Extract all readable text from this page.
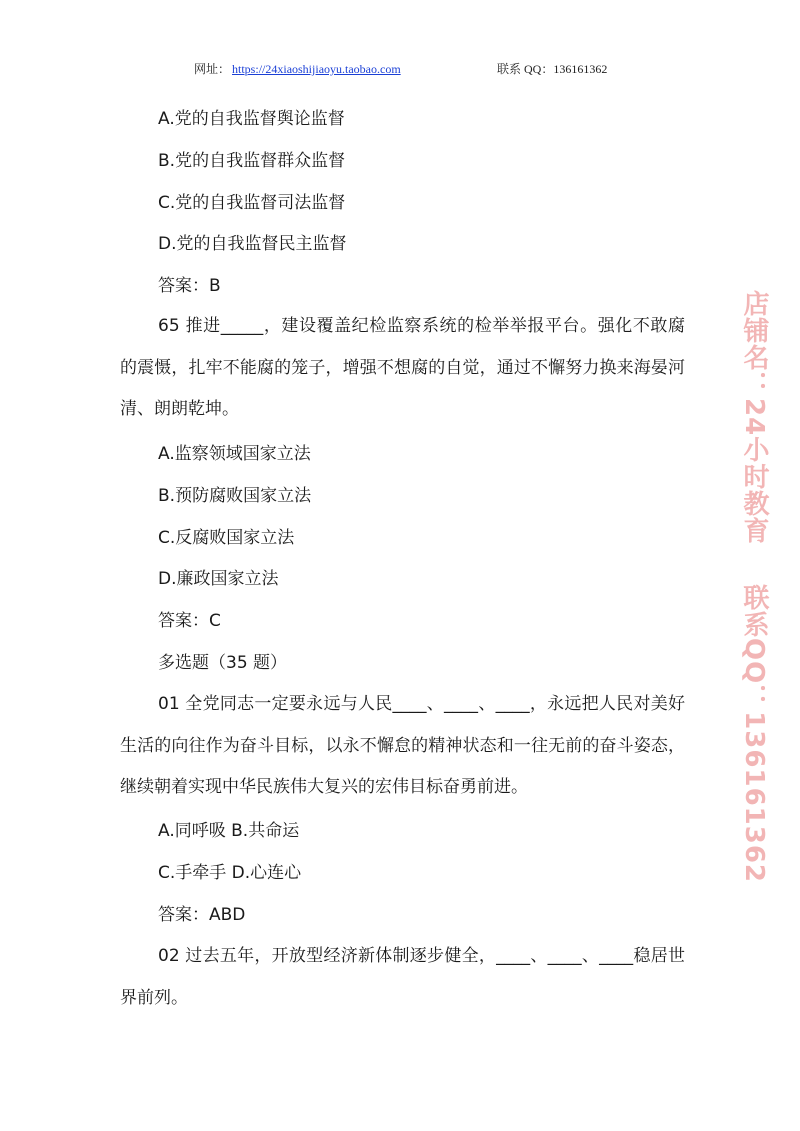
网址： https://24xiaoshijiaoyu.taobao.com	联系 QQ：136161362
A.党的自我监督舆论监督
B.党的自我监督群众监督
C.党的自我监督司法监督
D.党的自我监督民主监督
答案：B
65 推进_____，建设覆盖纪检监察系统的检举举报平台。强化不敢腐的震慑，扎牢不能腐的笼子，增强不想腐的自觉，通过不懈努力换来海晏河清、朗朗乾坤。
A.监察领域国家立法
B.预防腐败国家立法
C.反腐败国家立法
D.廉政国家立法
答案：C
多选题（35 题）
01 全党同志一定要永远与人民____、____、____，永远把人民对美好生活的向往作为奋斗目标，以永不懈怠的精神状态和一往无前的奋斗姿态，继续朝着实现中华民族伟大复兴的宏伟目标奋勇前进。
A.同呼吸 B.共命运
C.手牵手 D.心连心
答案：ABD
02 过去五年，开放型经济新体制逐步健全，____、____、____稳居世界前列。
店铺名：24小时教育联系QQ：136161362
